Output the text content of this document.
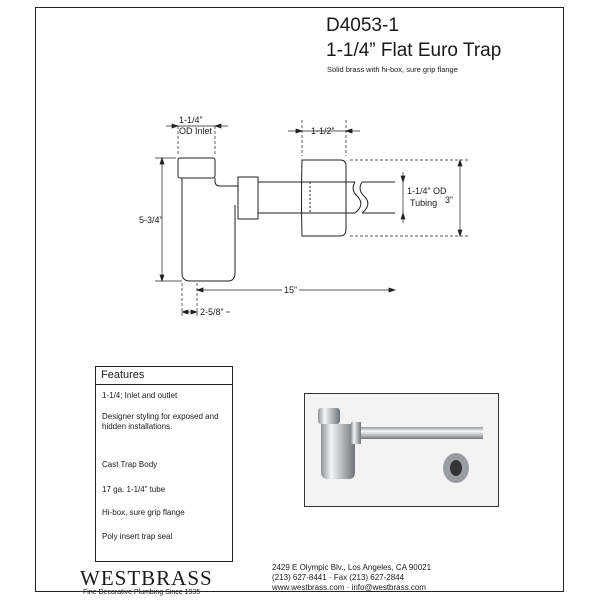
D4053-1
1-1/4” Flat Euro Trap
Solid brass with hi-box, sure grip flange
1-1/4”
OD Inlet	1-1/2”
5-3/4”
1-1/4” OD
Tubing 3”
15”
2-5/8”
Features
1-1/4: Inlet and outlet
Designer styling for exposed and hidden installations.
Cast Trap Body
17 ga. 1-1/4” tube
Hi-box, sure grip flange
Poly insert trap seal
WESTBRASS
Fine Decorative Plumbing Since 1935
2429 E Olympic Blv., Los Angeles, CA 90021
(213) 627-8441 · Fax (213) 627-2844
www.westbrass.com · info@westbrass.com
